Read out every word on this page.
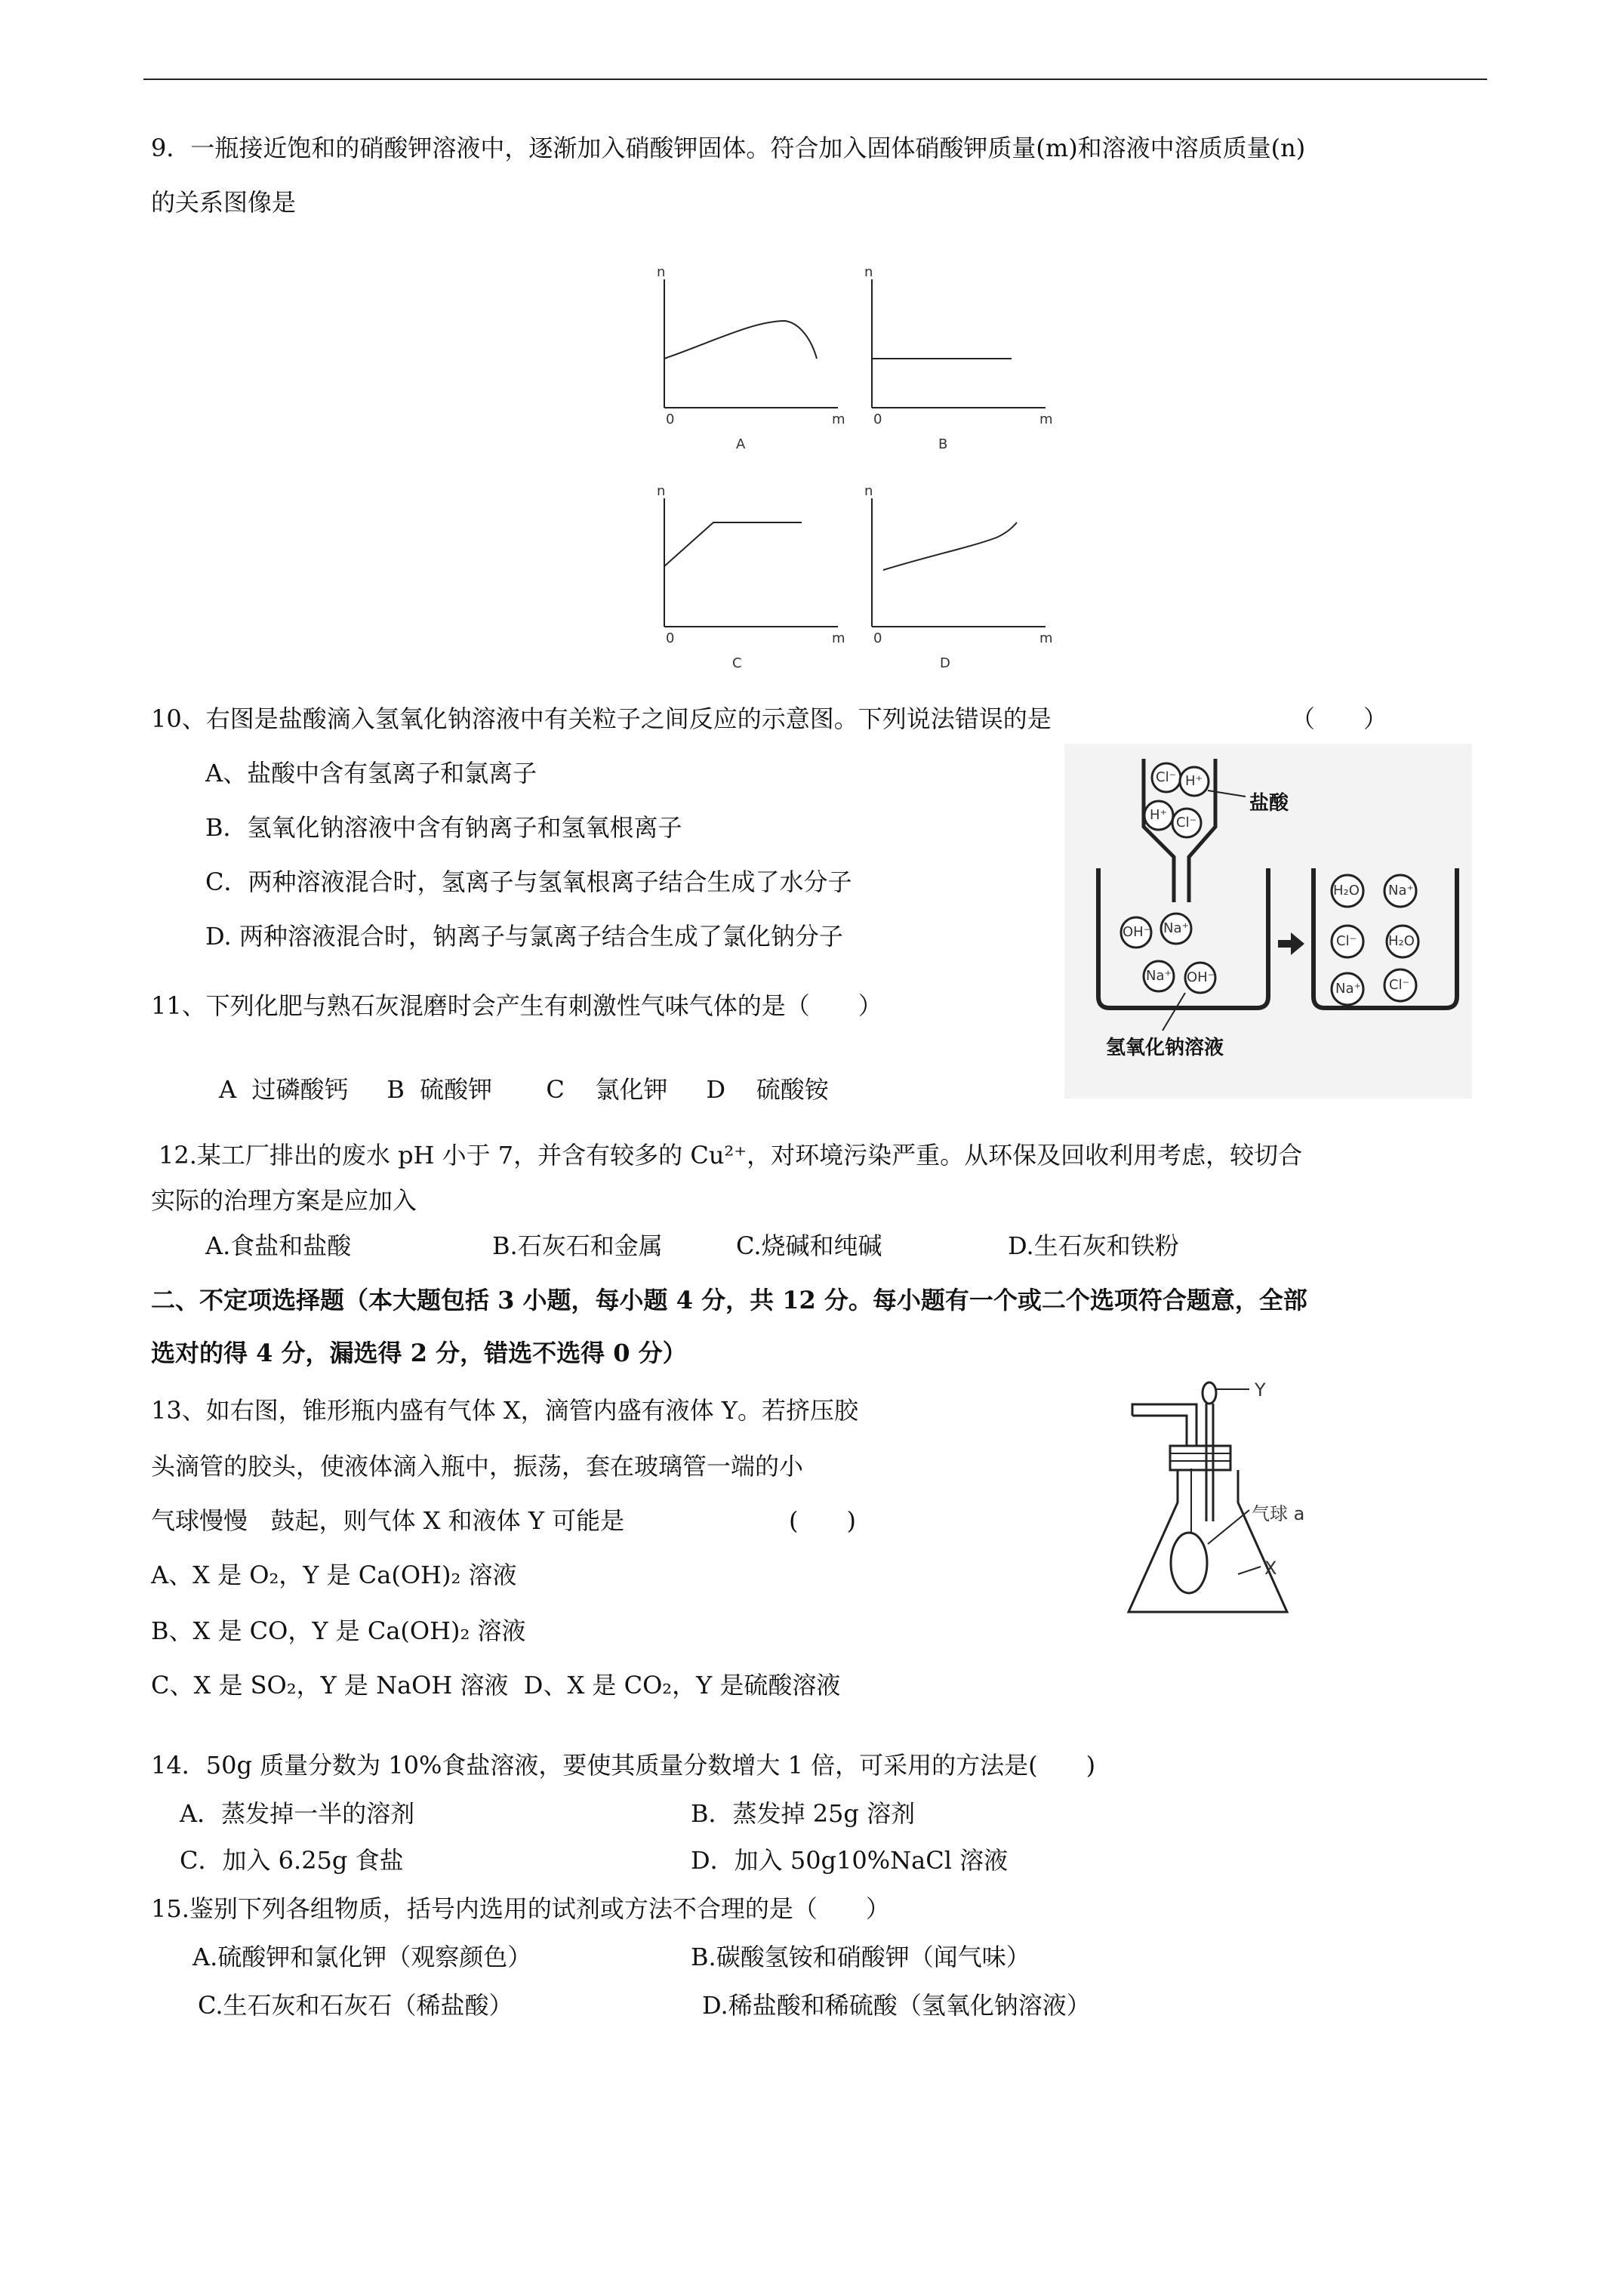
9．一瓶接近饱和的硝酸钾溶液中，逐渐加入硝酸钾固体。符合加入固体硝酸钾质量(m)和溶液中溶质质量(n)
的关系图像是
n
0	m
A
n
0	m
B
n
0	m
C
n
0	m
D
10、右图是盐酸滴入氢氧化钠溶液中有关粒子之间反应的示意图。下列说法错误的是	（　　）
A、盐酸中含有氢离子和氯离子
B．氢氧化钠溶液中含有钠离子和氢氧根离子
C．两种溶液混合时，氢离子与氢氧根离子结合生成了水分子
D. 两种溶液混合时，钠离子与氯离子结合生成了氯化钠分子
Cl⁻ H⁺
H⁺ Cl⁻
OH⁻ Na⁺
Na⁺ OH⁻
H₂O Na⁺
Cl⁻ H₂O
Na⁺ Cl⁻
盐酸
氢氧化钠溶液
11、下列化肥与熟石灰混磨时会产生有刺激性气味气体的是（　　）
A  过磷酸钙     B  硫酸钾       C    氯化钾     D    硫酸铵
12.某工厂排出的废水 pH 小于 7，并含有较多的 Cu²⁺，对环境污染严重。从环保及回收利用考虑，较切合
实际的治理方案是应加入
A.食盐和盐酸	B.石灰石和金属	C.烧碱和纯碱	D.生石灰和铁粉
二、不定项选择题（本大题包括 3 小题，每小题 4 分，共 12 分。每小题有一个或二个选项符合题意，全部
选对的得 4 分，漏选得 2 分，错选不选得 0 分）
13、如右图，锥形瓶内盛有气体 X，滴管内盛有液体 Y。若挤压胶
头滴管的胶头，使液体滴入瓶中，振荡，套在玻璃管一端的小
气球慢慢   鼓起，则气体 X 和液体 Y 可能是	(　　)
A、X 是 O₂，Y 是 Ca(OH)₂ 溶液
B、X 是 CO，Y 是 Ca(OH)₂ 溶液
C、X 是 SO₂，Y 是 NaOH 溶液  D、X 是 CO₂，Y 是硫酸溶液
Y
气球 a
X
14．50g 质量分数为 10%食盐溶液，要使其质量分数增大 1 倍，可采用的方法是(　　)
A．蒸发掉一半的溶剂	B．蒸发掉 25g 溶剂
C．加入 6.25g 食盐	D．加入 50g10%NaCl 溶液
15.鉴别下列各组物质，括号内选用的试剂或方法不合理的是（　　）
A.硫酸钾和氯化钾（观察颜色）	B.碳酸氢铵和硝酸钾（闻气味）
C.生石灰和石灰石（稀盐酸）	D.稀盐酸和稀硫酸（氢氧化钠溶液）
